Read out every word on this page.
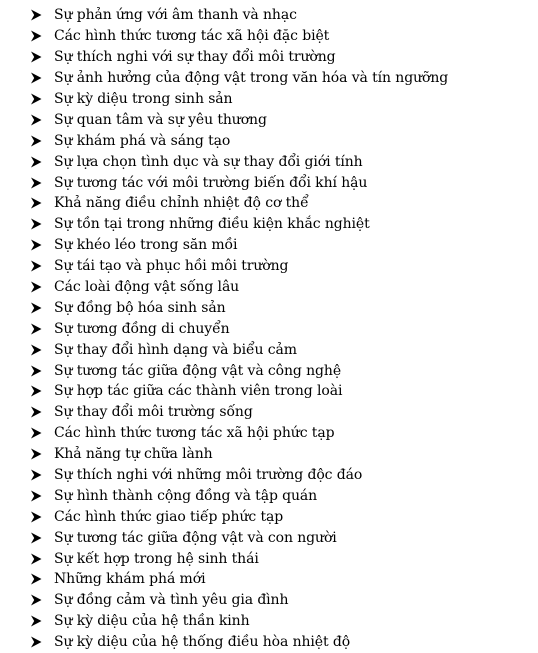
Sự phản ứng với âm thanh và nhạc
Các hình thức tương tác xã hội đặc biệt
Sự thích nghi với sự thay đổi môi trường
Sự ảnh hưởng của động vật trong văn hóa và tín ngưỡng
Sự kỳ diệu trong sinh sản
Sự quan tâm và sự yêu thương
Sự khám phá và sáng tạo
Sự lựa chọn tình dục và sự thay đổi giới tính
Sự tương tác với môi trường biến đổi khí hậu
Khả năng điều chỉnh nhiệt độ cơ thể
Sự tồn tại trong những điều kiện khắc nghiệt
Sự khéo léo trong săn mồi
Sự tái tạo và phục hồi môi trường
Các loài động vật sống lâu
Sự đồng bộ hóa sinh sản
Sự tương đồng di chuyển
Sự thay đổi hình dạng và biểu cảm
Sự tương tác giữa động vật và công nghệ
Sự hợp tác giữa các thành viên trong loài
Sự thay đổi môi trường sống
Các hình thức tương tác xã hội phức tạp
Khả năng tự chữa lành
Sự thích nghi với những môi trường độc đáo
Sự hình thành cộng đồng và tập quán
Các hình thức giao tiếp phức tạp
Sự tương tác giữa động vật và con người
Sự kết hợp trong hệ sinh thái
Những khám phá mới
Sự đồng cảm và tình yêu gia đình
Sự kỳ diệu của hệ thần kinh
Sự kỳ diệu của hệ thống điều hòa nhiệt độ
